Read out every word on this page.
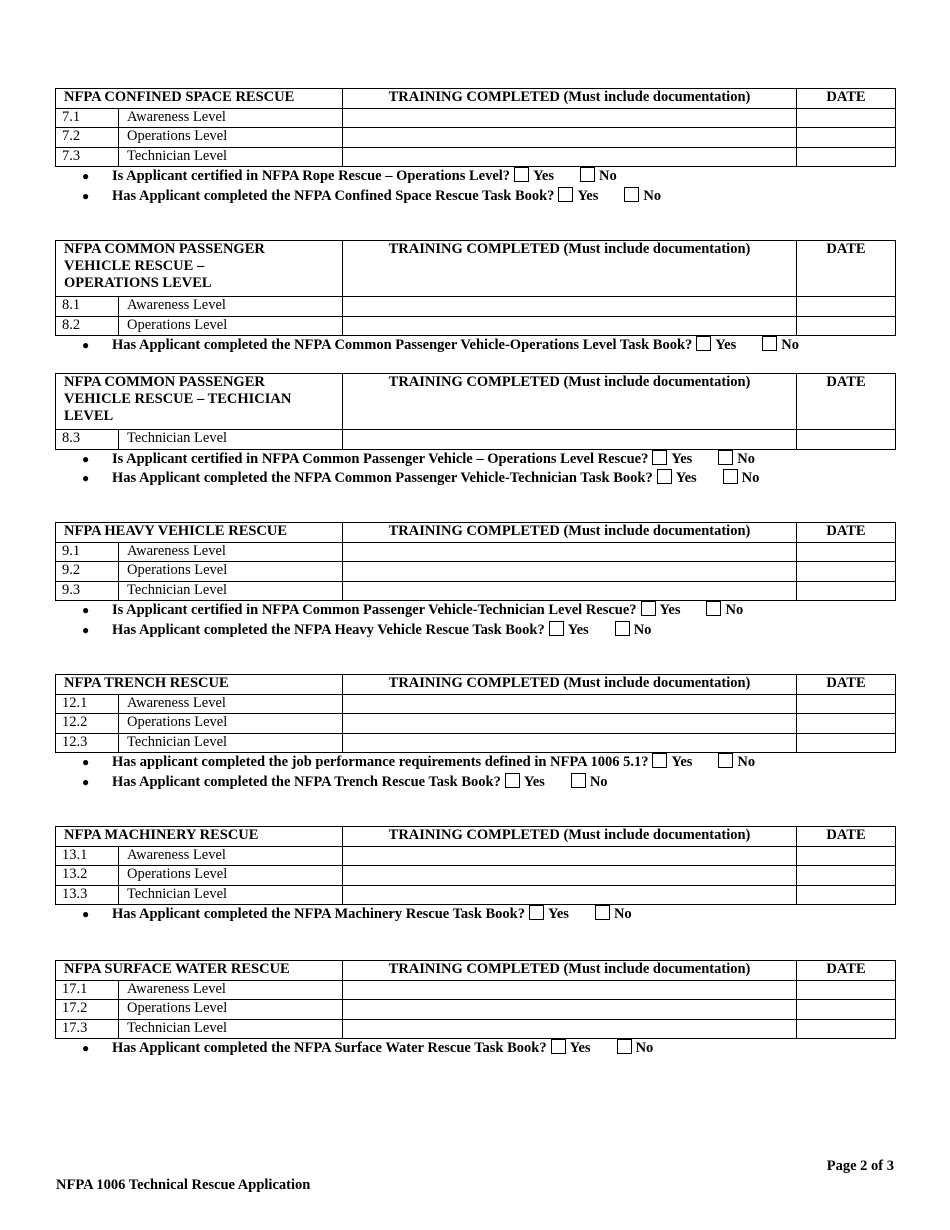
NFPA CONFINED SPACE RESCUE		TRAINING COMPLETED (Must include documentation)	DATE
7.1	Awareness Level		
7.2	Operations Level		
7.3	Technician Level		
● Is Applicant certified in NFPA Rope Rescue – Operations Level? Yes	No
● Has Applicant completed the NFPA Confined Space Rescue Task Book? Yes	No
NFPA COMMON PASSENGER VEHICLE RESCUE – OPERATIONS LEVEL		TRAINING COMPLETED (Must include documentation)	DATE
8.1	Awareness Level		
8.2	Operations Level		
● Has Applicant completed the NFPA Common Passenger Vehicle-Operations Level Task Book? Yes	No
NFPA COMMON PASSENGER VEHICLE RESCUE – TECHICIAN LEVEL		TRAINING COMPLETED (Must include documentation)	DATE
8.3	Technician Level		
● Is Applicant certified in NFPA Common Passenger Vehicle – Operations Level Rescue? Yes	No
● Has Applicant completed the NFPA Common Passenger Vehicle-Technician Task Book? Yes	No
NFPA HEAVY VEHICLE RESCUE		TRAINING COMPLETED (Must include documentation)	DATE
9.1	Awareness Level		
9.2	Operations Level		
9.3	Technician Level		
● Is Applicant certified in NFPA Common Passenger Vehicle-Technician Level Rescue? Yes	No
● Has Applicant completed the NFPA Heavy Vehicle Rescue Task Book? Yes	No
NFPA TRENCH RESCUE		TRAINING COMPLETED (Must include documentation)	DATE
12.1	Awareness Level		
12.2	Operations Level		
12.3	Technician Level		
● Has applicant completed the job performance requirements defined in NFPA 1006 5.1? Yes	No
● Has Applicant completed the NFPA Trench Rescue Task Book? Yes	No
NFPA MACHINERY RESCUE		TRAINING COMPLETED (Must include documentation)	DATE
13.1	Awareness Level		
13.2	Operations Level		
13.3	Technician Level		
● Has Applicant completed the NFPA Machinery Rescue Task Book? Yes	No
NFPA SURFACE WATER RESCUE		TRAINING COMPLETED (Must include documentation)	DATE
17.1	Awareness Level		
17.2	Operations Level		
17.3	Technician Level		
● Has Applicant completed the NFPA Surface Water Rescue Task Book? Yes	No
Page 2 of 3
NFPA 1006 Technical Rescue Application
